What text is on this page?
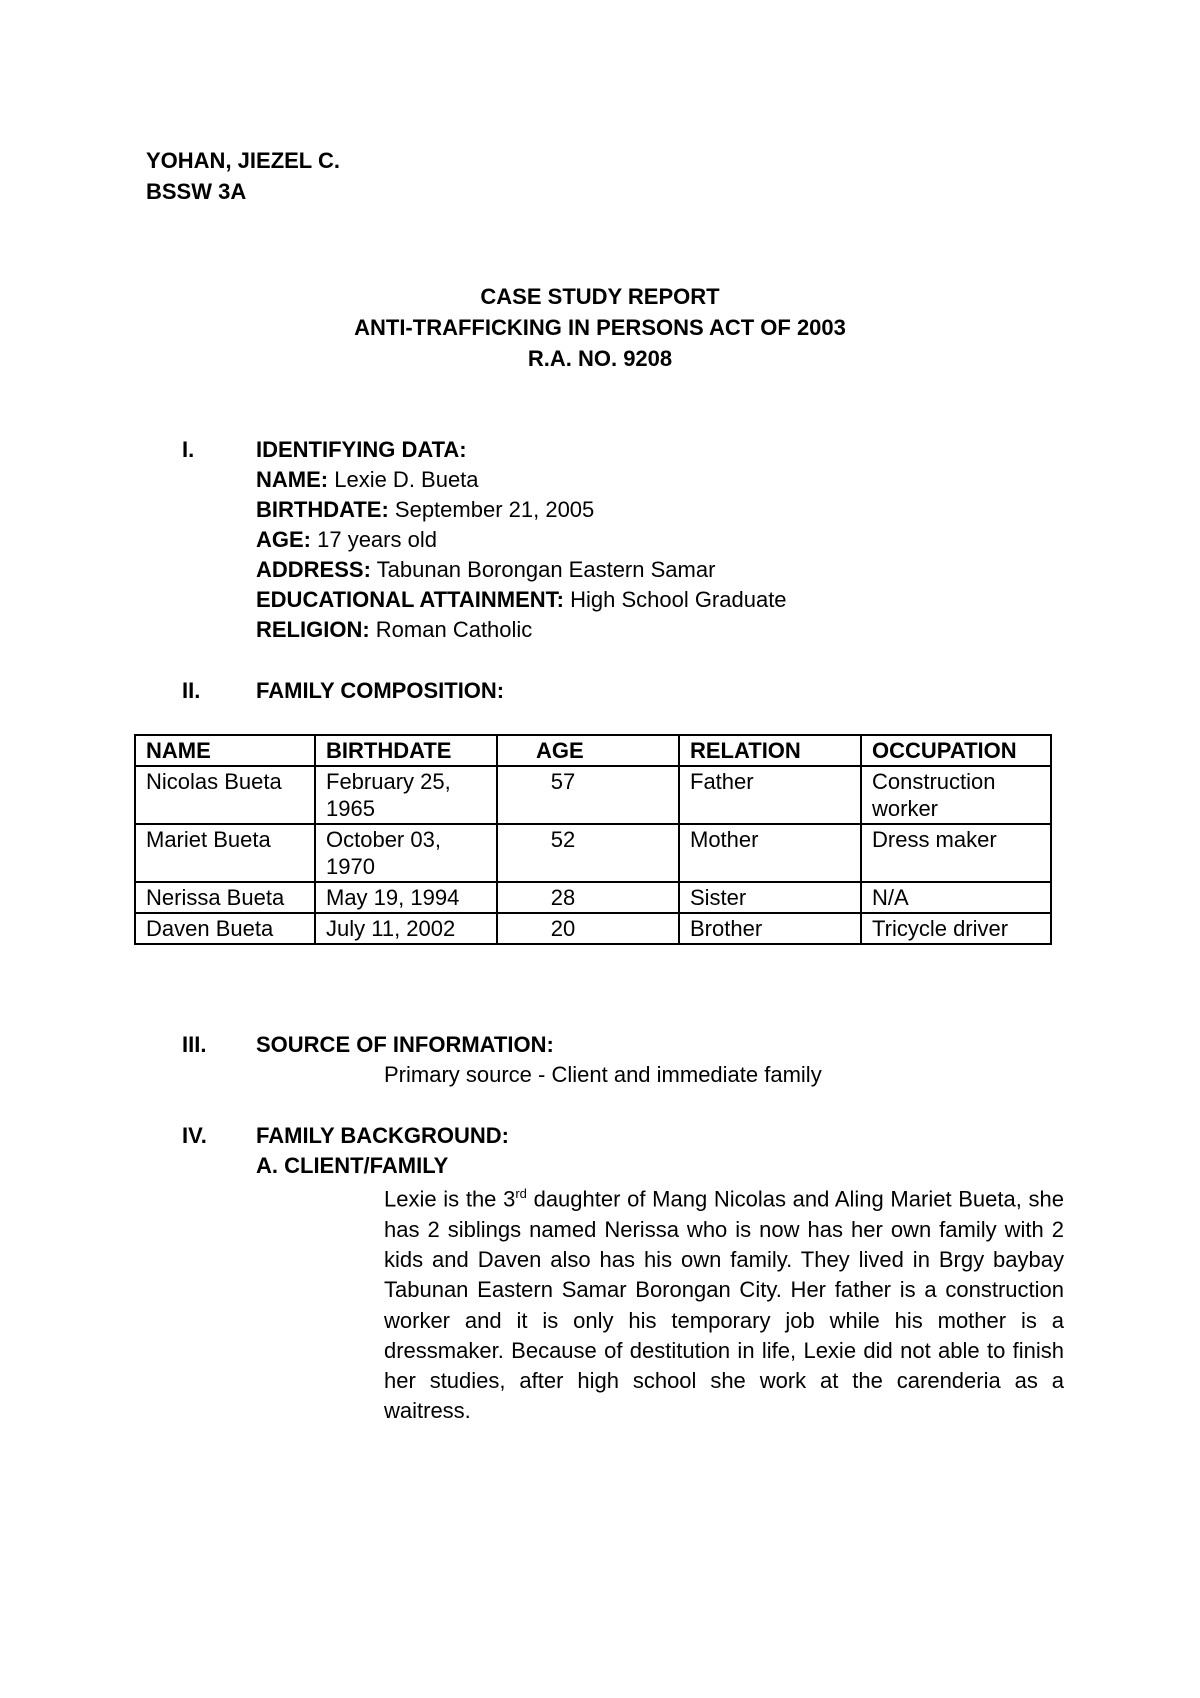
YOHAN, JIEZEL C.

BSSW 3A

CASE STUDY REPORT

ANTI-TRAFFICKING IN PERSONS ACT OF 2003

R.A. NO. 9208

I.	IDENTIFYING DATA:

NAME: Lexie D. Bueta
BIRTHDATE: September 21, 2005
AGE: 17 years old
ADDRESS: Tabunan Borongan Eastern Samar
EDUCATIONAL ATTAINMENT: High School Graduate
RELIGION: Roman Catholic

II.	FAMILY COMPOSITION:

NAME	BIRTHDATE	AGE	RELATION	OCCUPATION
Nicolas Bueta	February 25, 1965	57	Father	Construction worker
Mariet Bueta	October 03, 1970	52	Mother	Dress maker
Nerissa Bueta	May 19, 1994	28	Sister	N/A
Daven Bueta	July 11, 2002	20	Brother	Tricycle driver

III. SOURCE OF INFORMATION:

Primary source - Client and immediate family

IV. FAMILY BACKGROUND:

A. CLIENT/FAMILY

Lexie is the 3rd daughter of Mang Nicolas and Aling Mariet Bueta, she has 2 siblings named Nerissa who is now has her own family with 2 kids and Daven also has his own family. They lived in Brgy baybay Tabunan Eastern Samar Borongan City. Her father is a construction worker and it is only his temporary job while his mother is a dressmaker. Because of destitution in life, Lexie did not able to finish her studies, after high school she work at the carenderia as a waitress.
